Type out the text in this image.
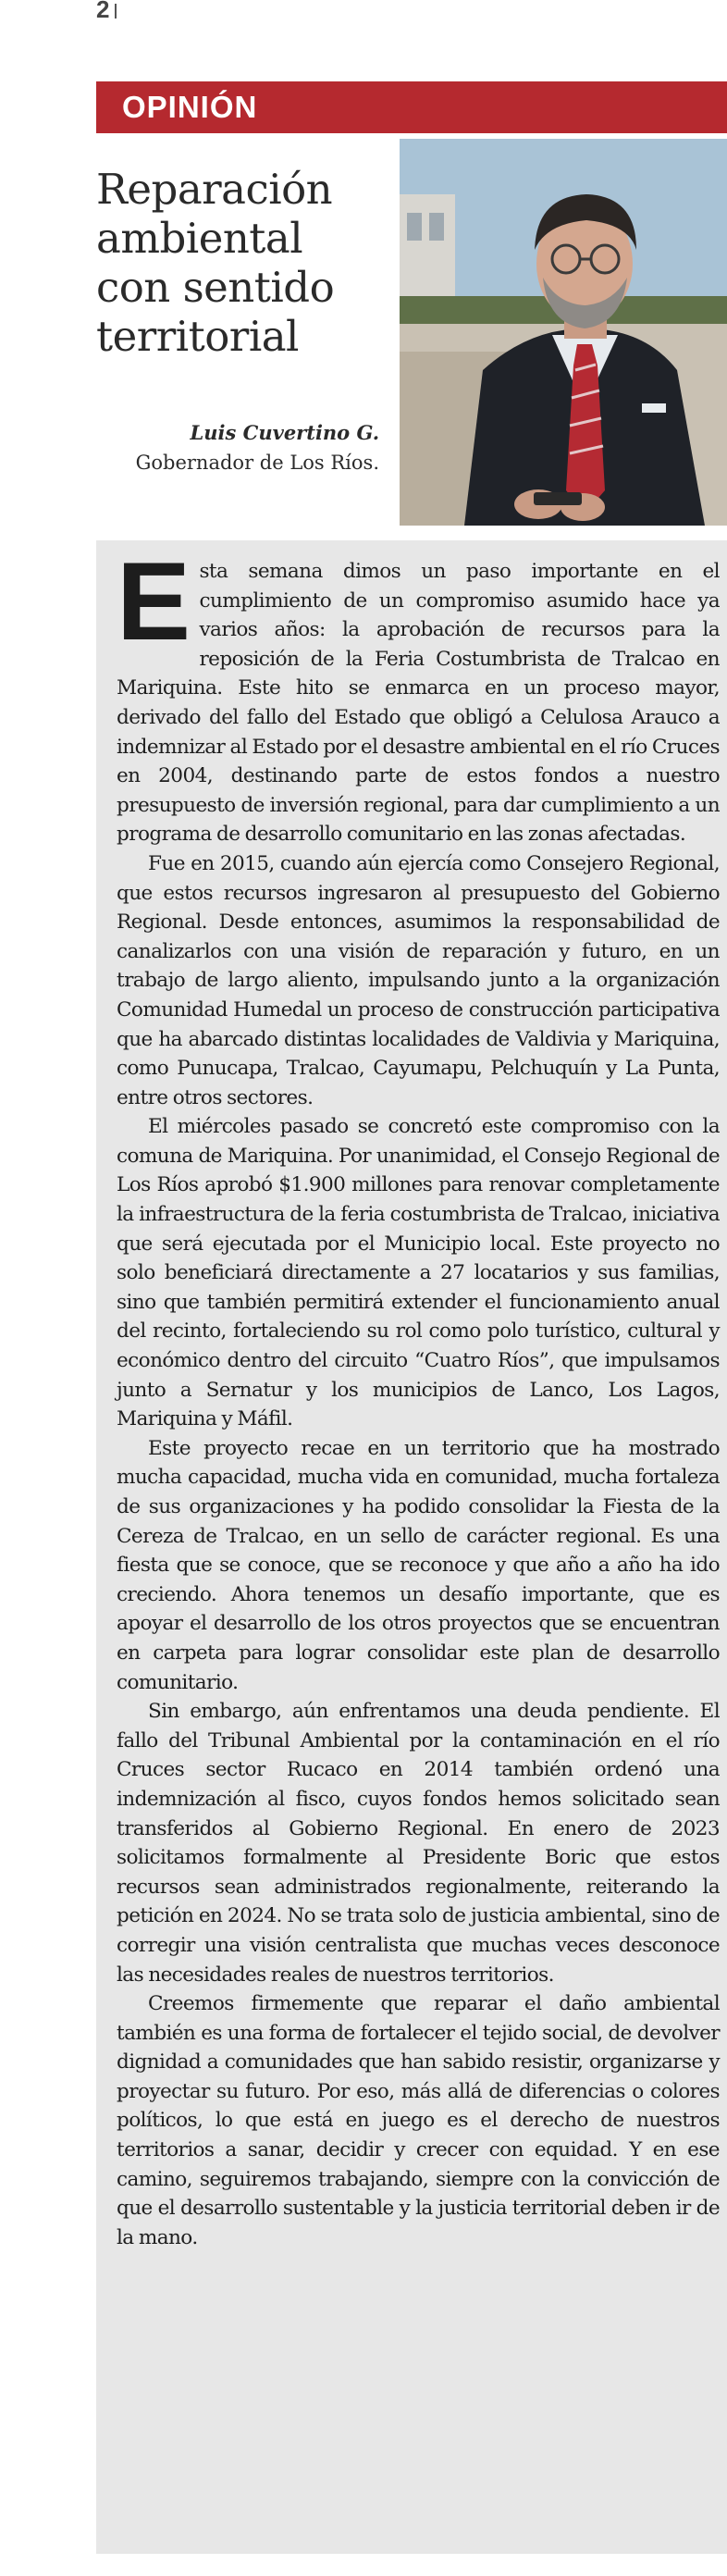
2
OPINIÓN
Reparación
ambiental
con sentido
territorial
Luis Cuvertino G.
Gobernador de Los Ríos.

Esta semana dimos un paso importante en el cumplimiento de un compromiso asumido hace ya varios años: la aprobación de recursos para la reposición de la Feria Costumbrista de Tralcao en Mariquina. Este hito se enmarca en un proceso mayor, derivado del fallo del Estado que obligó a Celulosa Arauco a indemnizar al Estado por el desastre ambiental en el río Cruces en 2004, destinando parte de estos fondos a nuestro presupuesto de inversión regional, para dar cumplimiento a un programa de desarrollo comunitario en las zonas afectadas.

Fue en 2015, cuando aún ejercía como Consejero Regional, que estos recursos ingresaron al presupuesto del Gobierno Regional. Desde entonces, asumimos la responsabilidad de canalizarlos con una visión de reparación y futuro, en un trabajo de largo aliento, impulsando junto a la organización Comunidad Humedal un proceso de construcción participativa que ha abarcado distintas localidades de Valdivia y Mariquina, como Punucapa, Tralcao, Cayumapu, Pelchuquín y La Punta, entre otros sectores.

El miércoles pasado se concretó este compromiso con la comuna de Mariquina. Por unanimidad, el Consejo Regional de Los Ríos aprobó $1.900 millones para renovar completamente la infraestructura de la feria costumbrista de Tralcao, iniciativa que será ejecutada por el Municipio local. Este proyecto no solo beneficiará directamente a 27 locatarios y sus familias, sino que también permitirá extender el funcionamiento anual del recinto, fortaleciendo su rol como polo turístico, cultural y económico dentro del circuito “Cuatro Ríos”, que impulsamos junto a Sernatur y los municipios de Lanco, Los Lagos, Mariquina y Máfil.

Este proyecto recae en un territorio que ha mostrado mucha capacidad, mucha vida en comunidad, mucha fortaleza de sus organizaciones y ha podido consolidar la Fiesta de la Cereza de Tralcao, en un sello de carácter regional. Es una fiesta que se conoce, que se reconoce y que año a año ha ido creciendo. Ahora tenemos un desafío importante, que es apoyar el desarrollo de los otros proyectos que se encuentran en carpeta para lograr consolidar este plan de desarrollo comunitario.

Sin embargo, aún enfrentamos una deuda pendiente. El fallo del Tribunal Ambiental por la contaminación en el río Cruces sector Rucaco en 2014 también ordenó una indemnización al fisco, cuyos fondos hemos solicitado sean transferidos al Gobierno Regional. En enero de 2023 solicitamos formalmente al Presidente Boric que estos recursos sean administrados regionalmente, reiterando la petición en 2024. No se trata solo de justicia ambiental, sino de corregir una visión centralista que muchas veces desconoce las necesidades reales de nuestros territorios.

Creemos firmemente que reparar el daño ambiental también es una forma de fortalecer el tejido social, de devolver dignidad a comunidades que han sabido resistir, organizarse y proyectar su futuro. Por eso, más allá de diferencias o colores políticos, lo que está en juego es el derecho de nuestros territorios a sanar, decidir y crecer con equidad. Y en ese camino, seguiremos trabajando, siempre con la convicción de que el desarrollo sustentable y la justicia territorial deben ir de la mano.
